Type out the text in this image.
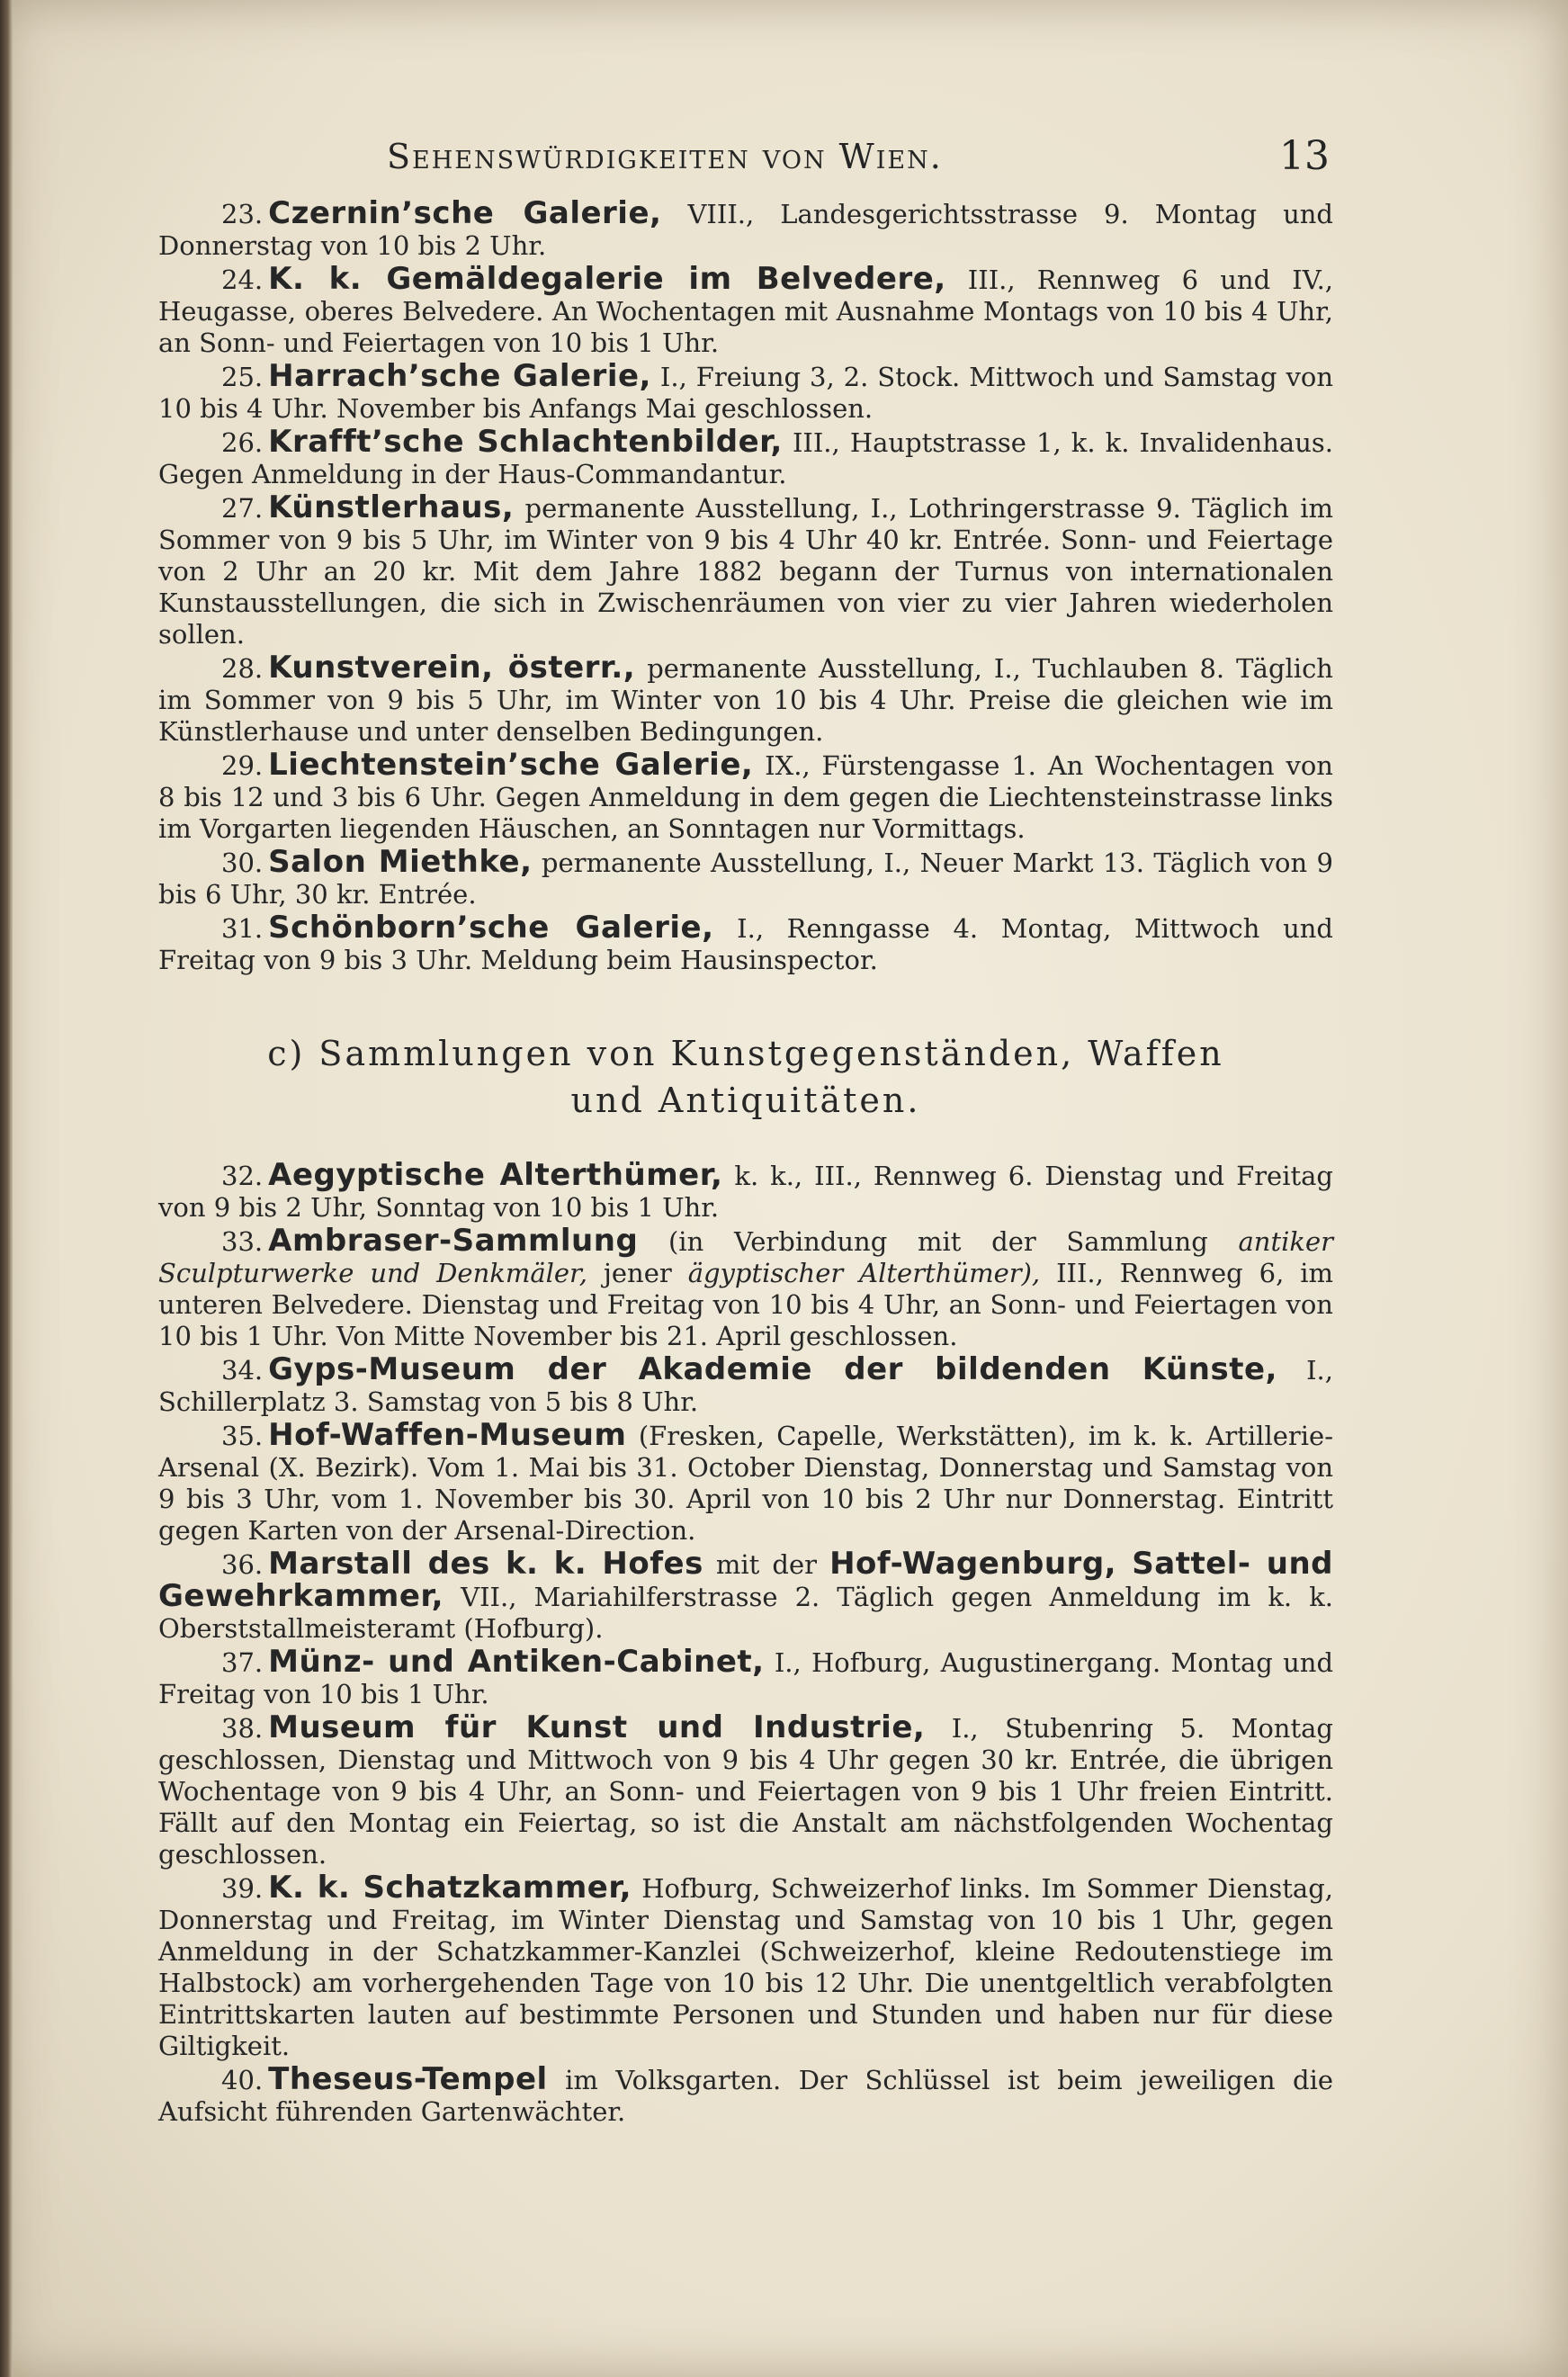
Sehenswürdigkeiten von Wien.	13

23. Czernin’sche Galerie, VIII., Landesgerichtsstrasse 9. Montag und Donnerstag von 10 bis 2 Uhr.

24. K. k. Gemäldegalerie im Belvedere, III., Rennweg 6 und IV., Heugasse, oberes Belvedere. An Wochentagen mit Ausnahme Montags von 10 bis 4 Uhr, an Sonn- und Feiertagen von 10 bis 1 Uhr.

25. Harrach’sche Galerie, I., Freiung 3, 2. Stock. Mittwoch und Samstag von 10 bis 4 Uhr. November bis Anfangs Mai geschlossen.

26. Krafft’sche Schlachtenbilder, III., Hauptstrasse 1, k. k. Invalidenhaus. Gegen Anmeldung in der Haus-Commandantur.

27. Künstlerhaus, permanente Ausstellung, I., Lothringerstrasse 9. Täglich im Sommer von 9 bis 5 Uhr, im Winter von 9 bis 4 Uhr 40 kr. Entrée. Sonn- und Feiertage von 2 Uhr an 20 kr. Mit dem Jahre 1882 begann der Turnus von internationalen Kunstausstellungen, die sich in Zwischenräumen von vier zu vier Jahren wiederholen sollen.

28. Kunstverein, österr., permanente Ausstellung, I., Tuchlauben 8. Täglich im Sommer von 9 bis 5 Uhr, im Winter von 10 bis 4 Uhr. Preise die gleichen wie im Künstlerhause und unter denselben Bedingungen.

29. Liechtenstein’sche Galerie, IX., Fürstengasse 1. An Wochentagen von 8 bis 12 und 3 bis 6 Uhr. Gegen Anmeldung in dem gegen die Liechtensteinstrasse links im Vorgarten liegenden Häuschen, an Sonntagen nur Vormittags.

30. Salon Miethke, permanente Ausstellung, I., Neuer Markt 13. Täglich von 9 bis 6 Uhr, 30 kr. Entrée.

31. Schönborn’sche Galerie, I., Renngasse 4. Montag, Mittwoch und Freitag von 9 bis 3 Uhr. Meldung beim Hausinspector.

c) Sammlungen von Kunstgegenständen, Waffen
und Antiquitäten.

32. Aegyptische Alterthümer, k. k., III., Rennweg 6. Dienstag und Freitag von 9 bis 2 Uhr, Sonntag von 10 bis 1 Uhr.

33. Ambraser-Sammlung (in Verbindung mit der Sammlung antiker Sculpturwerke und Denkmäler, jener ägyptischer Alterthümer), III., Rennweg 6, im unteren Belvedere. Dienstag und Freitag von 10 bis 4 Uhr, an Sonn- und Feiertagen von 10 bis 1 Uhr. Von Mitte November bis 21. April geschlossen.

34. Gyps-Museum der Akademie der bildenden Künste, I., Schillerplatz 3. Samstag von 5 bis 8 Uhr.

35. Hof-Waffen-Museum (Fresken, Capelle, Werkstätten), im k. k. Artillerie-Arsenal (X. Bezirk). Vom 1. Mai bis 31. October Dienstag, Donnerstag und Samstag von 9 bis 3 Uhr, vom 1. November bis 30. April von 10 bis 2 Uhr nur Donnerstag. Eintritt gegen Karten von der Arsenal-Direction.

36. Marstall des k. k. Hofes mit der Hof-Wagenburg, Sattel- und Gewehrkammer, VII., Mariahilferstrasse 2. Täglich gegen Anmeldung im k. k. Oberststallmeisteramt (Hofburg).

37. Münz- und Antiken-Cabinet, I., Hofburg, Augustinergang. Montag und Freitag von 10 bis 1 Uhr.

38. Museum für Kunst und Industrie, I., Stubenring 5. Montag geschlossen, Dienstag und Mittwoch von 9 bis 4 Uhr gegen 30 kr. Entrée, die übrigen Wochentage von 9 bis 4 Uhr, an Sonn- und Feiertagen von 9 bis 1 Uhr freien Eintritt. Fällt auf den Montag ein Feiertag, so ist die Anstalt am nächstfolgenden Wochentag geschlossen.

39. K. k. Schatzkammer, Hofburg, Schweizerhof links. Im Sommer Dienstag, Donnerstag und Freitag, im Winter Dienstag und Samstag von 10 bis 1 Uhr, gegen Anmeldung in der Schatzkammer-Kanzlei (Schweizerhof, kleine Redoutenstiege im Halbstock) am vorhergehenden Tage von 10 bis 12 Uhr. Die unentgeltlich verabfolgten Eintrittskarten lauten auf bestimmte Personen und Stunden und haben nur für diese Giltigkeit.

40. Theseus-Tempel im Volksgarten. Der Schlüssel ist beim jeweiligen die Aufsicht führenden Gartenwächter.
